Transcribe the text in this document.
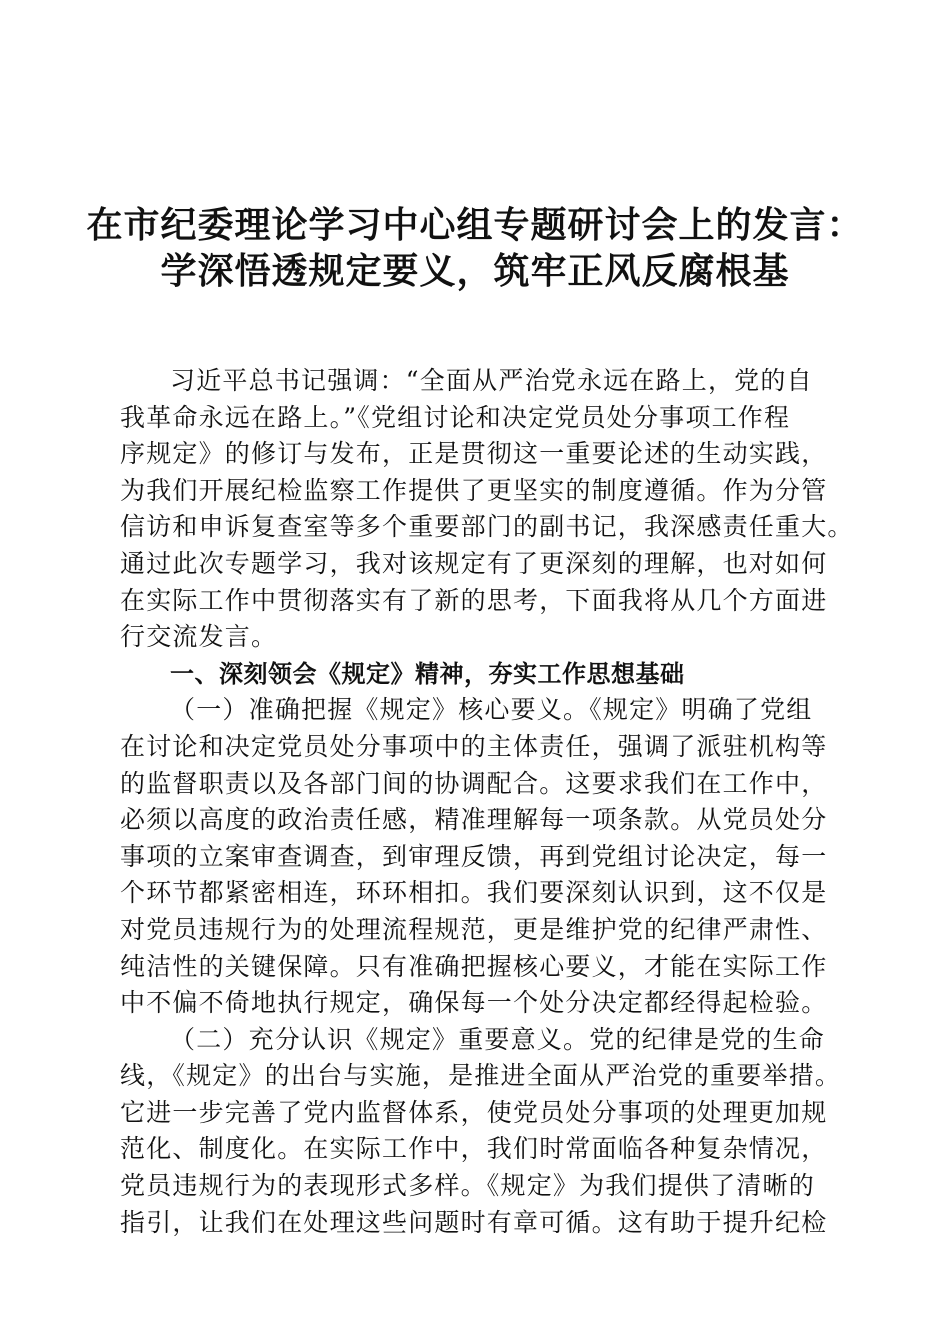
在市纪委理论学习中心组专题研讨会上的发言：
学深悟透规定要义，筑牢正风反腐根基
习近平总书记强调：“全面从严治党永远在路上，党的自
我革命永远在路上。”《党组讨论和决定党员处分事项工作程
序规定》的修订与发布，正是贯彻这一重要论述的生动实践，
为我们开展纪检监察工作提供了更坚实的制度遵循。作为分管
信访和申诉复查室等多个重要部门的副书记，我深感责任重大。
通过此次专题学习，我对该规定有了更深刻的理解，也对如何
在实际工作中贯彻落实有了新的思考，下面我将从几个方面进
行交流发言。
一、深刻领会《规定》精神，夯实工作思想基础
（一）准确把握《规定》核心要义。《规定》明确了党组
在讨论和决定党员处分事项中的主体责任，强调了派驻机构等
的监督职责以及各部门间的协调配合。这要求我们在工作中，
必须以高度的政治责任感，精准理解每一项条款。从党员处分
事项的立案审查调查，到审理反馈，再到党组讨论决定，每一
个环节都紧密相连，环环相扣。我们要深刻认识到，这不仅是
对党员违规行为的处理流程规范，更是维护党的纪律严肃性、
纯洁性的关键保障。只有准确把握核心要义，才能在实际工作
中不偏不倚地执行规定，确保每一个处分决定都经得起检验。
（二）充分认识《规定》重要意义。党的纪律是党的生命
线，《规定》的出台与实施，是推进全面从严治党的重要举措。
它进一步完善了党内监督体系，使党员处分事项的处理更加规
范化、制度化。在实际工作中，我们时常面临各种复杂情况，
党员违规行为的表现形式多样。《规定》为我们提供了清晰的
指引，让我们在处理这些问题时有章可循。这有助于提升纪检
